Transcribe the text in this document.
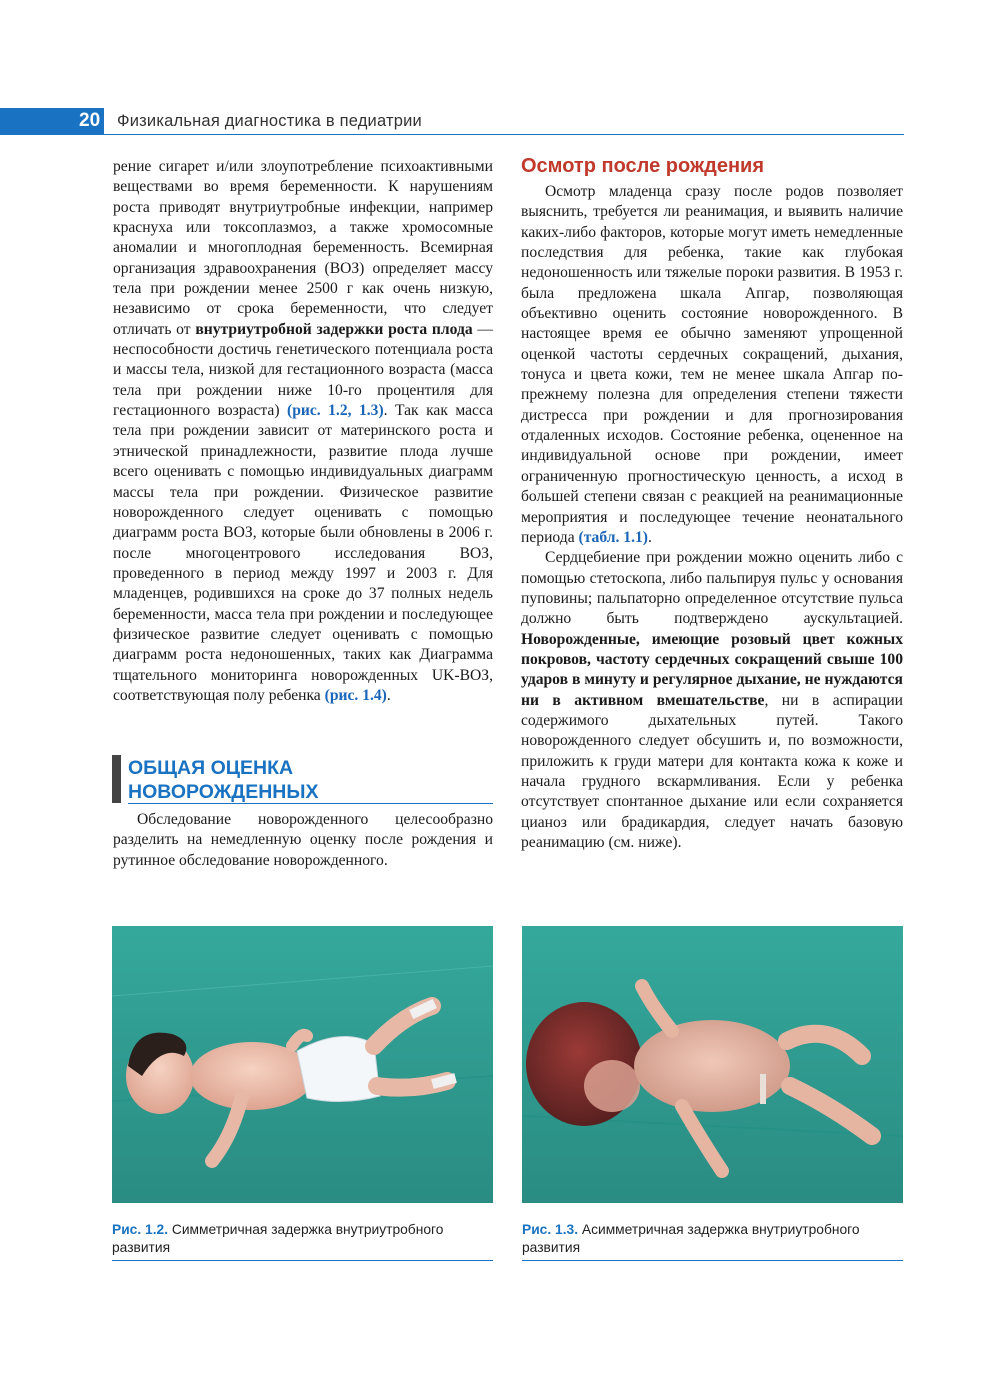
20 Физикальная диагностика в педиатрии

рение сигарет и/или злоупотребление психоактивными веществами во время беременности. К нарушениям роста приводят внутриутробные инфекции, например краснуха или токсоплазмоз, а также хромосомные аномалии и многоплодная беременность. Всемирная организация здравоохранения (ВОЗ) определяет массу тела при рождении менее 2500 г как очень низкую, независимо от срока беременности, что следует отличать от внутриутробной задержки роста плода — неспособности достичь генетического потенциала роста и массы тела, низкой для гестационного возраста (масса тела при рождении ниже 10-го процентиля для гестационного возраста) (рис. 1.2, 1.3). Так как масса тела при рождении зависит от материнского роста и этнической принадлежности, развитие плода лучше всего оценивать с помощью индивидуальных диаграмм массы тела при рождении. Физическое развитие новорожденного следует оценивать с помощью диаграмм роста ВОЗ, которые были обновлены в 2006 г. после многоцентрового исследования ВОЗ, проведенного в период между 1997 и 2003 г. Для младенцев, родившихся на сроке до 37 полных недель беременности, масса тела при рождении и последующее физическое развитие следует оценивать с помощью диаграмм роста недоношенных, таких как Диаграмма тщательного мониторинга новорожденных UK-ВОЗ, соответствующая полу ребенка (рис. 1.4).

ОБЩАЯ ОЦЕНКА
НОВОРОЖДЕННЫХ

Обследование новорожденного целесообразно разделить на немедленную оценку после рождения и рутинное обследование новорожденного.

Осмотр после рождения

Осмотр младенца сразу после родов позволяет выяснить, требуется ли реанимация, и выявить наличие каких-либо факторов, которые могут иметь немедленные последствия для ребенка, такие как глубокая недоношенность или тяжелые пороки развития. В 1953 г. была предложена шкала Апгар, позволяющая объективно оценить состояние новорожденного. В настоящее время ее обычно заменяют упрощенной оценкой частоты сердечных сокращений, дыхания, тонуса и цвета кожи, тем не менее шкала Апгар по-прежнему полезна для определения степени тяжести дистресса при рождении и для прогнозирования отдаленных исходов. Состояние ребенка, оцененное на индивидуальной основе при рождении, имеет ограниченную прогностическую ценность, а исход в большей степени связан с реакцией на реанимационные мероприятия и последующее течение неонатального периода (табл. 1.1).

Сердцебиение при рождении можно оценить либо с помощью стетоскопа, либо пальпируя пульс у основания пуповины; пальпаторно определенное отсутствие пульса должно быть подтверждено аускультацией. Новорожденные, имеющие розовый цвет кожных покровов, частоту сердечных сокращений свыше 100 ударов в минуту и регулярное дыхание, не нуждаются ни в активном вмешательстве, ни в аспирации содержимого дыхательных путей. Такого новорожденного следует обсушить и, по возможности, приложить к груди матери для контакта кожа к коже и начала грудного вскармливания. Если у ребенка отсутствует спонтанное дыхание или если сохраняется цианоз или брадикардия, следует начать базовую реанимацию (см. ниже).

Рис. 1.2. Симметричная задержка внутриутробного развития
Рис. 1.3. Асимметричная задержка внутриутробного развития
